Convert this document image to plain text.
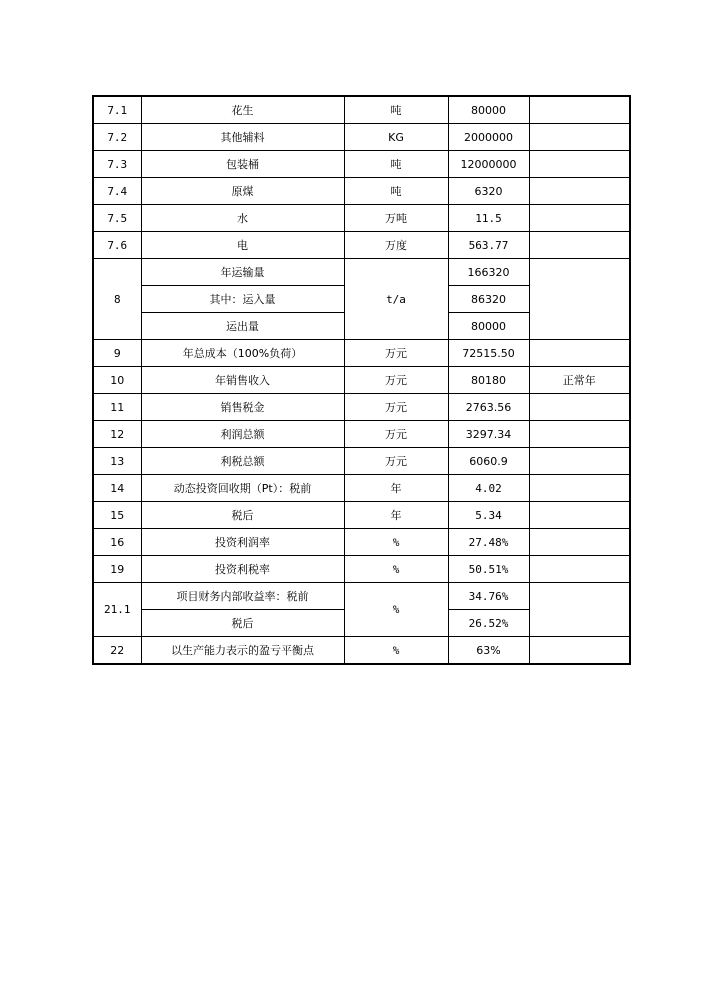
7.1	花生	吨	80000	
7.2	其他辅料	KG	2000000	
7.3	包装桶	吨	12000000	
7.4	原煤	吨	6320	
7.5	水	万吨	11.5	
7.6	电	万度	563.77	
8	年运输量	t/a	166320	
	其中：运入量		86320	
	运出量		80000	
9	年总成本（100%负荷）	万元	72515.50	
10	年销售收入	万元	80180	正常年
11	销售税金	万元	2763.56	
12	利润总额	万元	3297.34	
13	利税总额	万元	6060.9	
14	动态投资回收期（Pt）：税前	年	4.02	
15	税后	年	5.34	
16	投资利润率	%	27.48%	
19	投资利税率	%	50.51%	
21.1	项目财务内部收益率：税前	%	34.76%	
	税后		26.52%	
22	以生产能力表示的盈亏平衡点	%	63%	
